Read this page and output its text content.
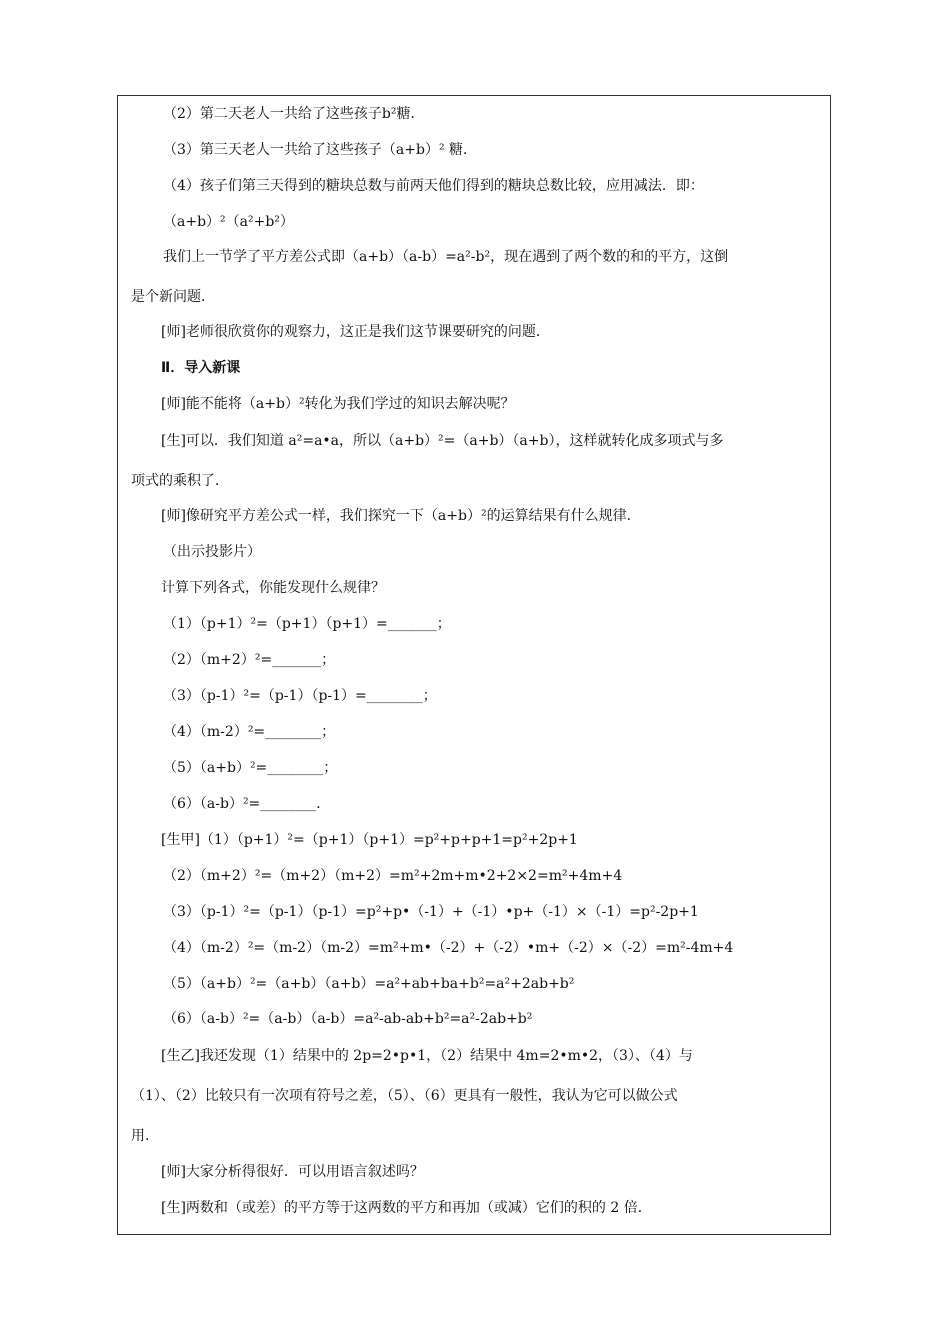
（2）第二天老人一共给了这些孩子b²糖．
（3）第三天老人一共给了这些孩子（a+b）² 糖．
（4）孩子们第三天得到的糖块总数与前两天他们得到的糖块总数比较，应用减法．即：
（a+b）²（a²+b²）
我们上一节学了平方差公式即（a+b）（a-b）=a²-b²，现在遇到了两个数的和的平方，这倒
是个新问题．
[师]老师很欣赏你的观察力，这正是我们这节课要研究的问题．
Ⅱ．导入新课
[师]能不能将（a+b）²转化为我们学过的知识去解决呢？
[生]可以．我们知道 a²=a•a，所以（a+b）²=（a+b）（a+b），这样就转化成多项式与多
项式的乘积了．
[师]像研究平方差公式一样，我们探究一下（a+b）²的运算结果有什么规律．
（出示投影片）
计算下列各式，你能发现什么规律？
（1）（p+1）²=（p+1）（p+1）=_______；
（2）（m+2）²=_______；
（3）（p-1）²=（p-1）（p-1）=________；
（4）（m-2）²=________；
（5）（a+b）²=________；
（6）（a-b）²=________．
[生甲]（1）（p+1）²=（p+1）（p+1）=p²+p+p+1=p²+2p+1
（2）（m+2）²=（m+2）（m+2）=m²+2m+m•2+2×2=m²+4m+4
（3）（p-1）²=（p-1）（p-1）=p²+p•（-1）+（-1）•p+（-1）×（-1）=p²-2p+1
（4）（m-2）²=（m-2）（m-2）=m²+m•（-2）+（-2）•m+（-2）×（-2）=m²-4m+4
（5）（a+b）²=（a+b）（a+b）=a²+ab+ba+b²=a²+2ab+b²
（6）（a-b）²=（a-b）（a-b）=a²-ab-ab+b²=a²-2ab+b²
[生乙]我还发现（1）结果中的 2p=2•p•1，（2）结果中 4m=2•m•2，（3）、（4）与
（1）、（2）比较只有一次项有符号之差，（5）、（6）更具有一般性，我认为它可以做公式
用．
[师]大家分析得很好．可以用语言叙述吗？
[生]两数和（或差）的平方等于这两数的平方和再加（或减）它们的积的 2 倍．
